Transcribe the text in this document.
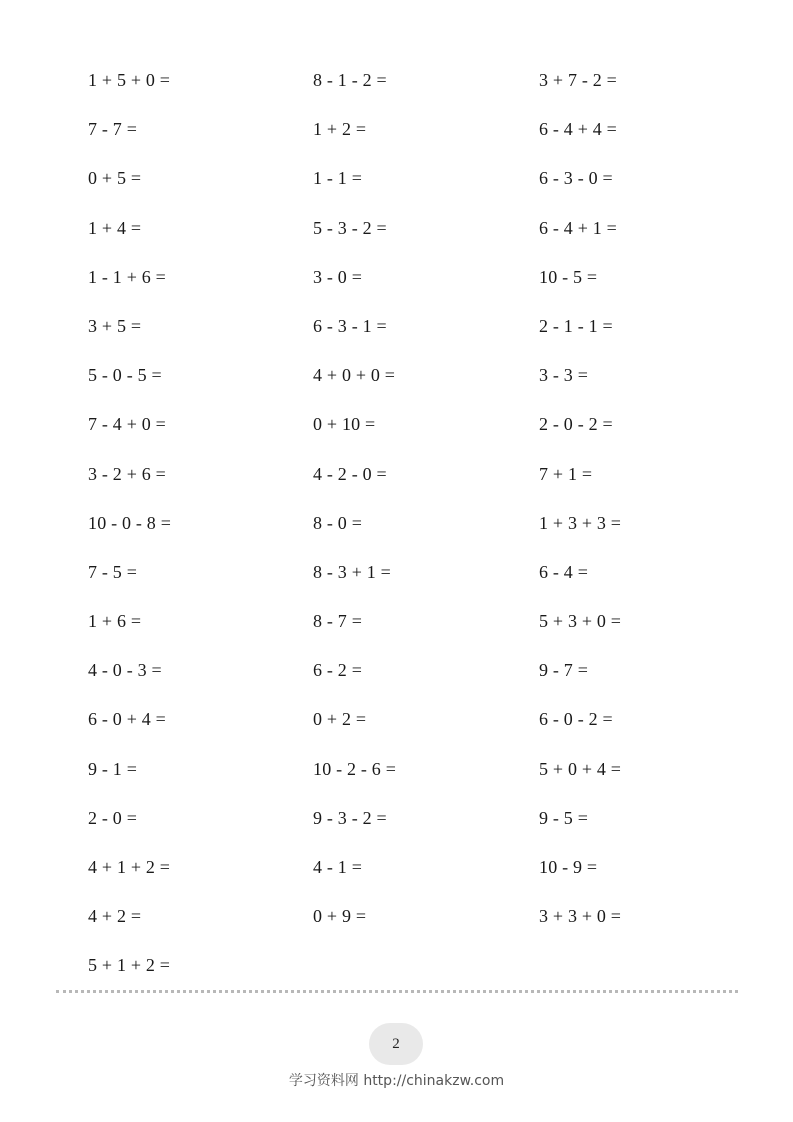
1 + 5 + 0 =	8 - 1 - 2 =	3 + 7 - 2 =
7 - 7 =	1 + 2 =	6 - 4 + 4 =
0 + 5 =	1 - 1 =	6 - 3 - 0 =
1 + 4 =	5 - 3 - 2 =	6 - 4 + 1 =
1 - 1 + 6 =	3 - 0 =	10 - 5 =
3 + 5 =	6 - 3 - 1 =	2 - 1 - 1 =
5 - 0 - 5 =	4 + 0 + 0 =	3 - 3 =
7 - 4 + 0 =	0 + 10 =	2 - 0 - 2 =
3 - 2 + 6 =	4 - 2 - 0 =	7 + 1 =
10 - 0 - 8 =	8 - 0 =	1 + 3 + 3 =
7 - 5 =	8 - 3 + 1 =	6 - 4 =
1 + 6 =	8 - 7 =	5 + 3 + 0 =
4 - 0 - 3 =	6 - 2 =	9 - 7 =
6 - 0 + 4 =	0 + 2 =	6 - 0 - 2 =
9 - 1 =	10 - 2 - 6 =	5 + 0 + 4 =
2 - 0 =	9 - 3 - 2 =	9 - 5 =
4 + 1 + 2 =	4 - 1 =	10 - 9 =
4 + 2 =	0 + 9 =	3 + 3 + 0 =
5 + 1 + 2 =
2
学习资料网 http://chinakzw.com
